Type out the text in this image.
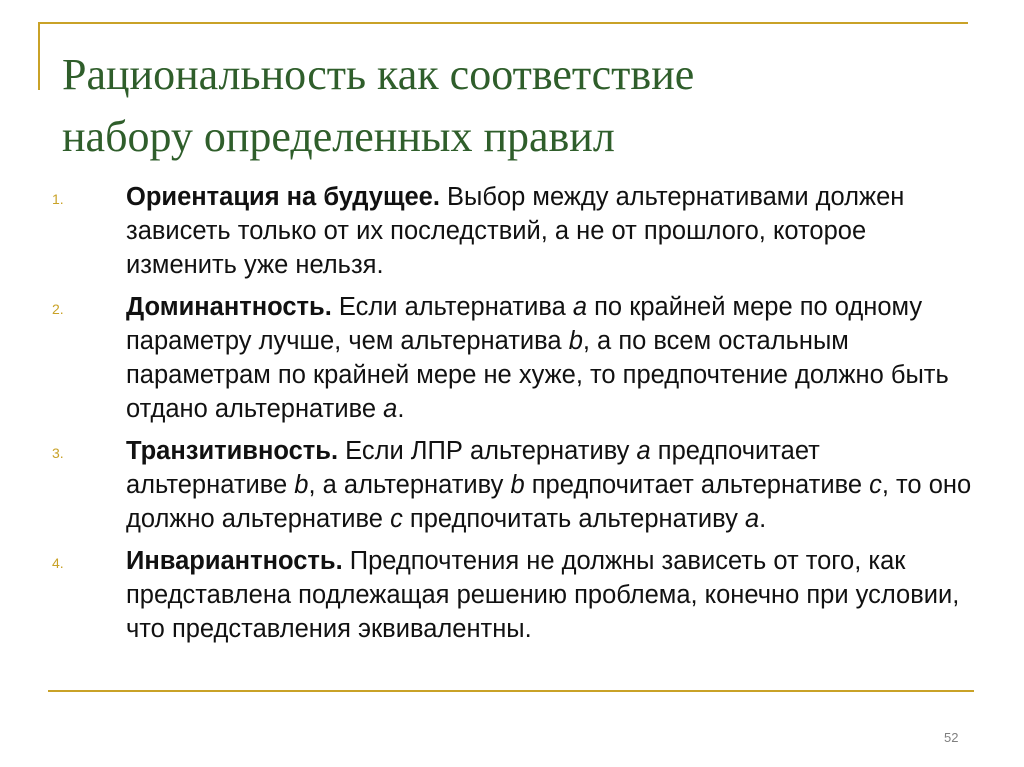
Рациональность как соответствие
набору определенных правил
1. Ориентация на будущее. Выбор между альтернативами должен зависеть только от их последствий, а не от прошлого, которое изменить уже нельзя.
2. Доминантность. Если альтернатива a по крайней мере по одному параметру лучше, чем альтернатива b, а по всем остальным параметрам по крайней мере не хуже, то предпочтение должно быть отдано альтернативе a.
3. Транзитивность. Если ЛПР альтернативу a предпочитает альтернативе b, а альтернативу b предпочитает альтернативе c, то оно должно альтернативе c предпочитать альтернативу a.
4. Инвариантность. Предпочтения не должны зависеть от того, как представлена подлежащая решению проблема, конечно при условии, что представления эквивалентны.
52
